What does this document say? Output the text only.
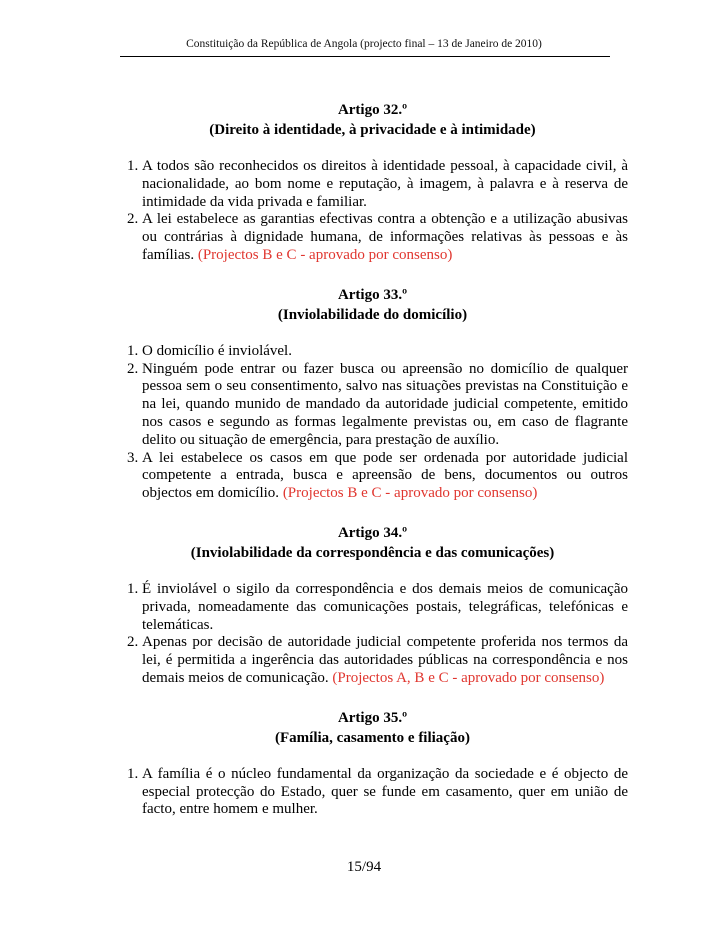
Constituição da República de Angola (projecto final – 13 de Janeiro de 2010)
Artigo 32.º
(Direito à identidade, à privacidade e à intimidade)
1. A todos são reconhecidos os direitos à identidade pessoal, à capacidade civil, à nacionalidade, ao bom nome e reputação, à imagem, à palavra e à reserva de intimidade da vida privada e familiar.
2. A lei estabelece as garantias efectivas contra a obtenção e a utilização abusivas ou contrárias à dignidade humana, de informações relativas às pessoas e às famílias. (Projectos B e C - aprovado por consenso)
Artigo 33.º
(Inviolabilidade do domicílio)
1. O domicílio é inviolável.
2. Ninguém pode entrar ou fazer busca ou apreensão no domicílio de qualquer pessoa sem o seu consentimento, salvo nas situações previstas na Constituição e na lei, quando munido de mandado da autoridade judicial competente, emitido nos casos e segundo as formas legalmente previstas ou, em caso de flagrante delito ou situação de emergência, para prestação de auxílio.
3. A lei estabelece os casos em que pode ser ordenada por autoridade judicial competente a entrada, busca e apreensão de bens, documentos ou outros objectos em domicílio. (Projectos B e C - aprovado por consenso)
Artigo 34.º
(Inviolabilidade da correspondência e das comunicações)
1. É inviolável o sigilo da correspondência e dos demais meios de comunicação privada, nomeadamente das comunicações postais, telegráficas, telefónicas e telemáticas.
2. Apenas por decisão de autoridade judicial competente proferida nos termos da lei, é permitida a ingerência das autoridades públicas na correspondência e nos demais meios de comunicação. (Projectos A, B e C - aprovado por consenso)
Artigo 35.º
(Família, casamento e filiação)
1. A família é o núcleo fundamental da organização da sociedade e é objecto de especial protecção do Estado, quer se funde em casamento, quer em união de facto, entre homem e mulher.
15/94
